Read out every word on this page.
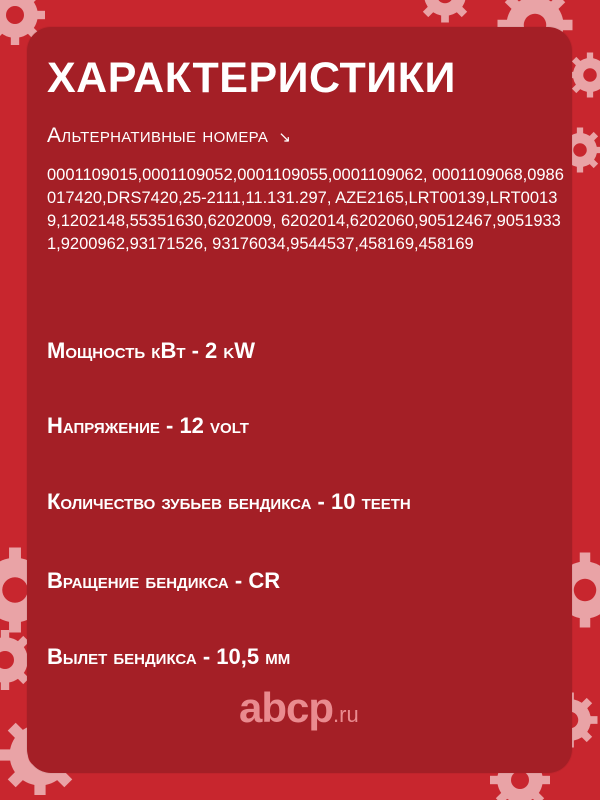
ХАРАКТЕРИСТИКИ
Альтернативные номера ↘

0001109015,0001109052,0001109055,0001109062, 0001109068,0986017420,DRS7420,25-2111,11.131.297, AZE2165,LRT00139,LRT00139,1202148,55351630,6202009, 6202014,6202060,90512467,90519331,9200962,93171526, 93176034,9544537,458169,458169

Мощность кВт - 2 kW

Напряжение - 12 volt

Количество зубьев бендикса - 10 teeth

Вращение бендикса - CR

Вылет бендикса - 10,5 мм

abcp.ru
